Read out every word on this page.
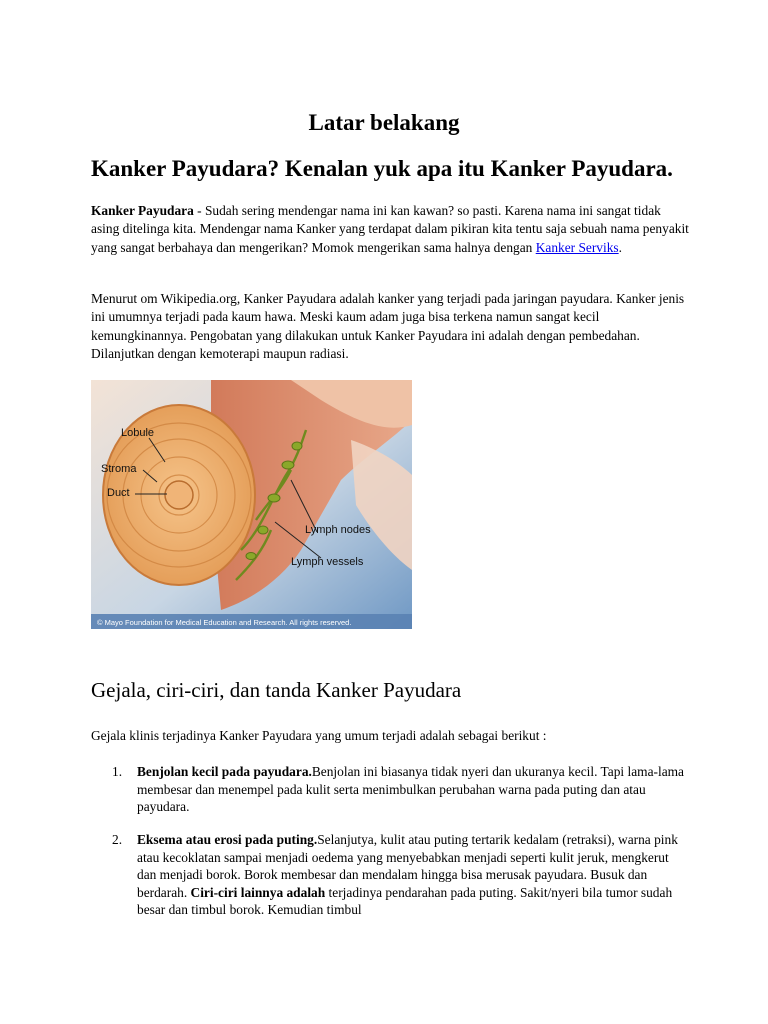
Latar belakang
Kanker Payudara? Kenalan yuk apa itu Kanker Payudara.

Kanker Payudara - Sudah sering mendengar nama ini kan kawan? so pasti. Karena nama ini sangat tidak asing ditelinga kita. Mendengar nama Kanker yang terdapat dalam pikiran kita tentu saja sebuah nama penyakit yang sangat berbahaya dan mengerikan? Momok mengerikan sama halnya dengan Kanker Serviks.

Menurut om Wikipedia.org, Kanker Payudara adalah kanker yang terjadi pada jaringan payudara. Kanker jenis ini umumnya terjadi pada kaum hawa. Meski kaum adam juga bisa terkena namun sangat kecil kemungkinannya. Pengobatan yang dilakukan untuk Kanker Payudara ini adalah dengan pembedahan. Dilanjutkan dengan kemoterapi maupun radiasi.

Lobule
Stroma
Duct
Lymph nodes
Lymph vessels
© Mayo Foundation for Medical Education and Research. All rights reserved.
Gejala, ciri-ciri, dan tanda Kanker Payudara

Gejala klinis terjadinya Kanker Payudara yang umum terjadi adalah sebagai berikut :

1. Benjolan kecil pada payudara.Benjolan ini biasanya tidak nyeri dan ukuranya kecil. Tapi lama-lama membesar dan menempel pada kulit serta menimbulkan perubahan warna pada puting dan atau payudara.
2. Eksema atau erosi pada puting.Selanjutya, kulit atau puting tertarik kedalam (retraksi), warna pink atau kecoklatan sampai menjadi oedema yang menyebabkan menjadi seperti kulit jeruk, mengkerut dan menjadi borok. Borok membesar dan mendalam hingga bisa merusak payudara. Busuk dan berdarah. Ciri-ciri lainnya adalah terjadinya pendarahan pada puting. Sakit/nyeri bila tumor sudah besar dan timbul borok. Kemudian timbul
